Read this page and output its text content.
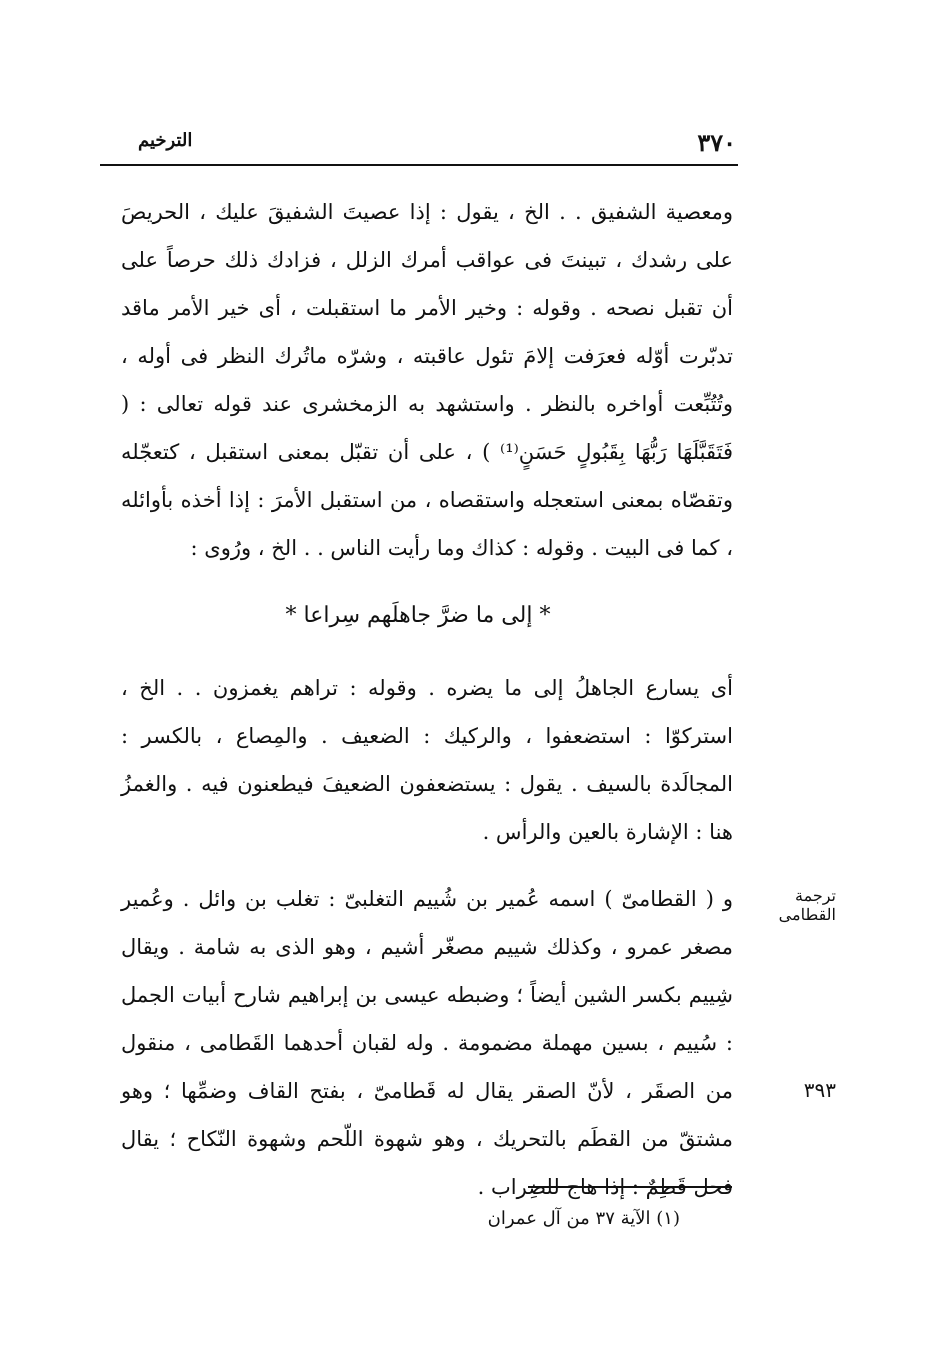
٣٧٠
الترخيم

ومعصية الشفيق . . الخ ، يقول : إذا عصيتَ الشفيقَ عليك ، الحريصَ على رشدك ، تبينتَ فى عواقب أمرك الزلل ، فزادك ذلك حرصاً على أن تقبل نصحه . وقوله : وخير الأمر ما استقبلت ، أى خير الأمر ماقد تدبّرت أوّله فعرَفت إلامَ تئول عاقبته ، وشرّه ماتُرك النظر فى أوله ، وتُتُبِّعت أواخره بالنظر . واستشهد به الزمخشرى عند قوله تعالى : ( فَتَقَبَّلَهَا رَبُّهَا بِقَبُولٍ حَسَنٍ⁽¹⁾ ) ، على أن تقبّل بمعنى استقبل ، كتعجّله وتقصّاه بمعنى استعجله واستقصاه ، من استقبل الأمرَ : إذا أخذه بأوائله ، كما فى البيت . وقوله : كذاك وما رأيت الناس . . الخ ، ورُوى :

* إلى ما ضرَّ جاهلَهم سِراعا *

أى يسارع الجاهلُ إلى ما يضره . وقوله : تراهم يغمزون . . الخ ، استركوّا : استضعفوا ، والركيك : الضعيف . والمِصاع ، بالكسر : المجالَدة بالسيف . يقول : يستضعفون الضعيفَ فيطعنون فيه . والغمزُ هنا : الإشارة بالعين والرأس .

و ( القطامىّ ) اسمه عُمير بن شُييم التغلبىّ : تغلب بن وائل . وعُمير مصغر عمرو ، وكذلك شييم مصغّر أشيم ، وهو الذى به شامة . ويقال شِييم بكسر الشين أيضاً ؛ وضبطه عيسى بن إبراهيم شارح أبيات الجمل : سُييم ، بسين مهملة مضمومة . وله لقبان أحدهما القَطامى ، منقول من الصقَر ، لأنّ الصقر يقال له قَطامىّ ، بفتح القاف وضمِّها ؛ وهو مشتقّ من القطَم بالتحريك ، وهو شهوة اللّحم وشهوة النّكاح ؛ يقال فحل قَطِمٌ : إذا هاج للضِراب .

ترجمة القطامى
٣٩٣
(١) الآية ٣٧ من آل عمران
